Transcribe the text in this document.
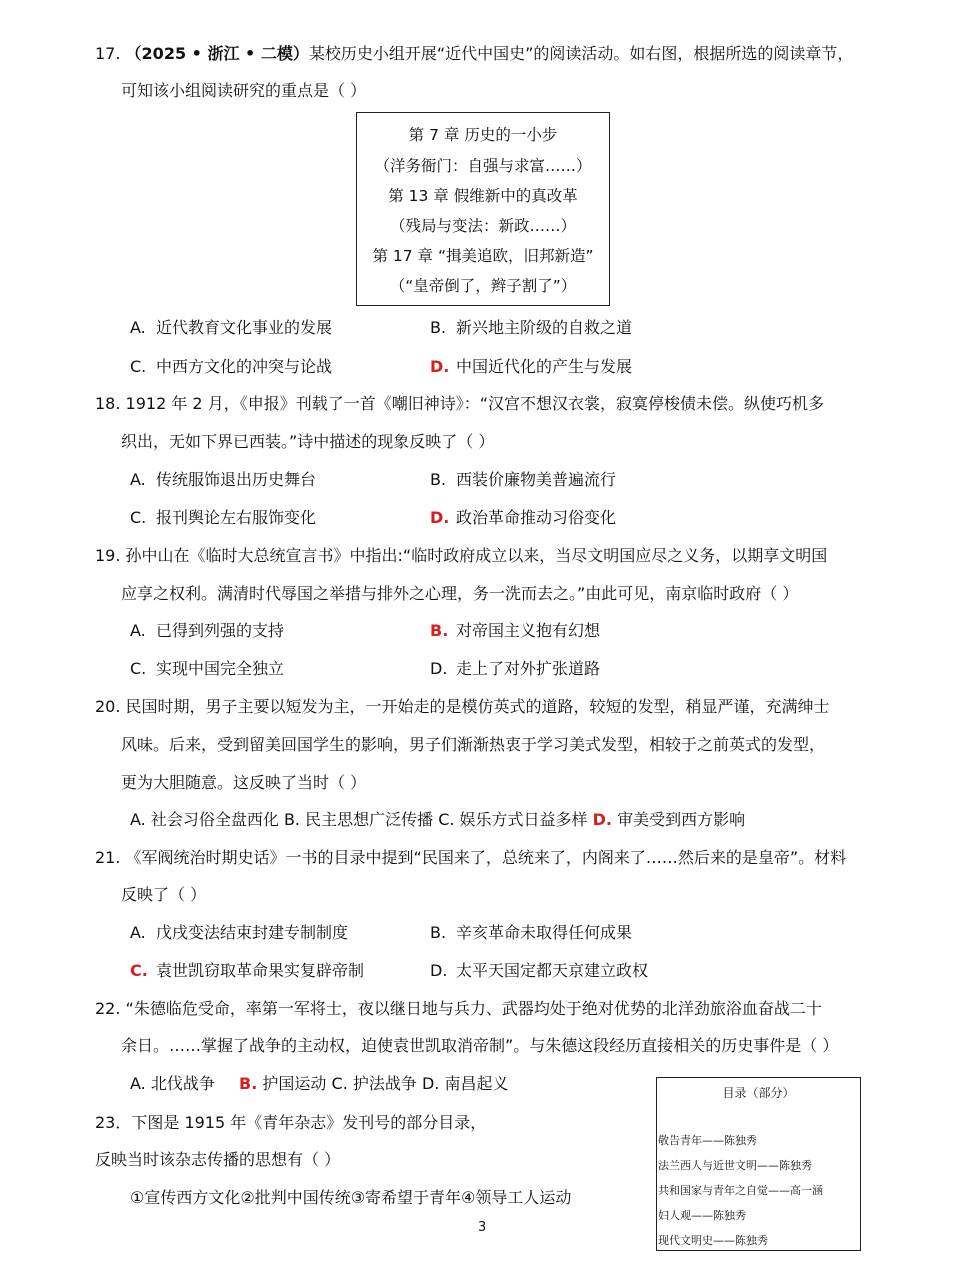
17. （2025 • 浙江 • 二模）某校历史小组开展“近代中国史”的阅读活动。如右图，根据所选的阅读章节，
可知该小组阅读研究的重点是（ ）
第 7 章 历史的一小步
（洋务衙门：自强与求富……）
第 13 章 假维新中的真改革
（残局与变法：新政……）
第 17 章 “揖美追欧，旧邦新造”
（“皇帝倒了，辫子割了”）
A. 近代教育文化事业的发展	B. 新兴地主阶级的自救之道
C. 中西方文化的冲突与论战	D. 中国近代化的产生与发展
18. 1912 年 2 月，《申报》刊载了一首《嘲旧神诗》：“汉宫不想汉衣裳，寂寞停梭债未偿。纵使巧机多
织出，无如下界已西装。”诗中描述的现象反映了（ ）
A. 传统服饰退出历史舞台	B. 西装价廉物美普遍流行
C. 报刊舆论左右服饰变化	D. 政治革命推动习俗变化
19. 孙中山在《临时大总统宣言书》中指出:“临时政府成立以来，当尽文明国应尽之义务，以期享文明国
应享之权利。满清时代辱国之举措与排外之心理，务一洗而去之。”由此可见，南京临时政府（ ）
A. 已得到列强的支持	B. 对帝国主义抱有幻想
C. 实现中国完全独立	D. 走上了对外扩张道路
20. 民国时期，男子主要以短发为主，一开始走的是模仿英式的道路，较短的发型，稍显严谨，充满绅士
风味。后来，受到留美回国学生的影响，男子们渐渐热衷于学习美式发型，相较于之前英式的发型，
更为大胆随意。这反映了当时（ ）
A. 社会习俗全盘西化 B. 民主思想广泛传播 C. 娱乐方式日益多样 D. 审美受到西方影响
21. 《军阀统治时期史话》一书的目录中提到“民国来了，总统来了，内阁来了……然后来的是皇帝”。材料
反映了（ ）
A. 戊戌变法结束封建专制制度	B. 辛亥革命未取得任何成果
C. 袁世凯窃取革命果实复辟帝制	D. 太平天国定都天京建立政权
22. “朱德临危受命，率第一军将士，夜以继日地与兵力、武器均处于绝对优势的北洋劲旅浴血奋战二十
余日。……掌握了战争的主动权，迫使袁世凯取消帝制”。与朱德这段经历直接相关的历史事件是（ ）
A. 北伐战争 B. 护国运动 C. 护法战争 D. 南昌起义
23．下图是 1915 年《青年杂志》发刊号的部分目录，
反映当时该杂志传播的思想有（ ）
①宣传西方文化②批判中国传统③寄希望于青年④领导工人运动
目录（部分）
敬告青年——陈独秀
法兰西人与近世文明——陈独秀
共和国家与青年之自觉——高一涵
妇人观——陈独秀
现代文明史——陈独秀
3
